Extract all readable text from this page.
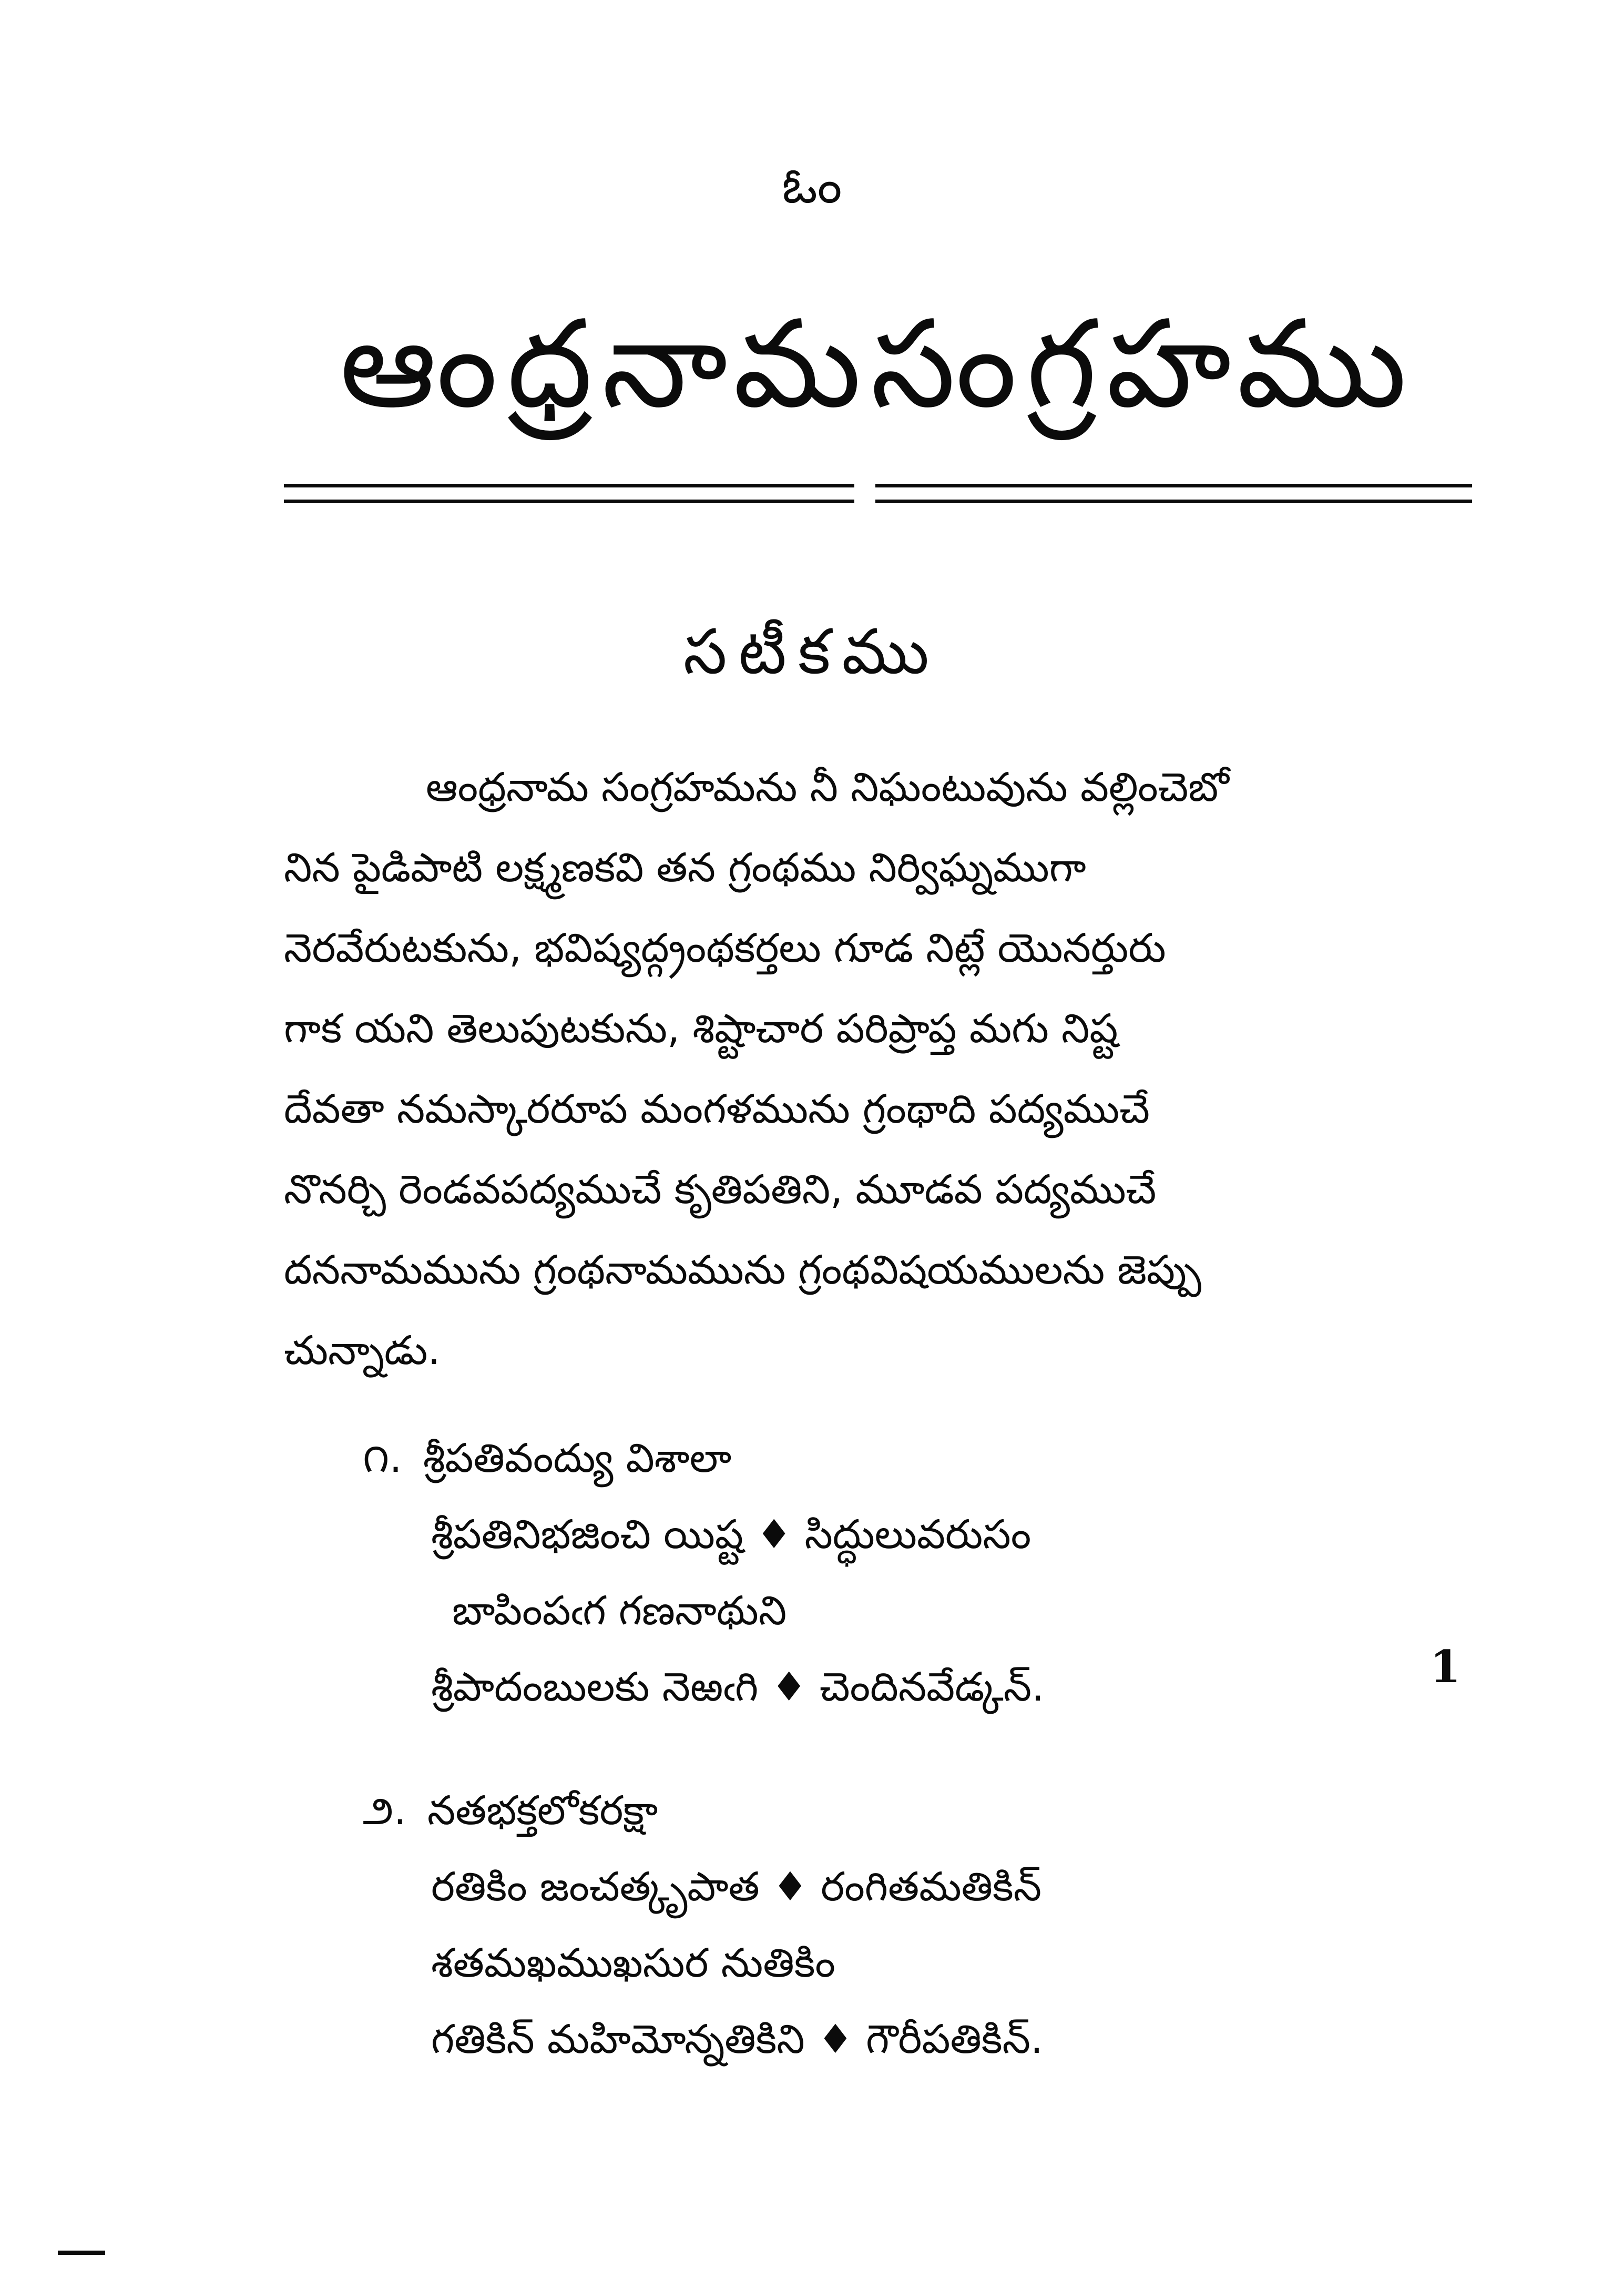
ఓం
ఆంధ్రనామసంగ్రహము
సటీకము
ఆంధ్రనామ సంగ్రహమను నీ నిఘంటువును వల్లించెబో
నిన పైడిపాటి లక్ష్మణకవి తన గ్రంథము నిర్విఘ్నముగా
నెరవేరుటకును, భవిష్యద్గ్రంథకర్తలు గూడ నిట్లే యొనర్తురు
గాక యని తెలుపుటకును, శిష్టాచార పరిప్రాప్త మగు నిష్ట
దేవతా నమస్కారరూప మంగళమును గ్రంథాది పద్యముచే
నొనర్చి రెండవపద్యముచే కృతిపతిని, మూడవ పద్యముచే
దననామమును గ్రంథనామమును గ్రంథవిషయములను జెప్పు
చున్నాడు.
౧. శ్రీపతివంద్యు విశాలా
శ్రీపతినిభజించి యిష్ట ♦ సిద్ధులువరుసం
బాపింపఁగ గణనాథుని
శ్రీపాదంబులకు నెఱఁగి ♦ చెందినవేడ్కన్.	1
౨. నతభక్తలోకరక్షా
రతికిం జంచత్కృపాత ♦ రంగితమతికిన్
శతమఖముఖసుర నుతికిం
గతికిన్ మహిమోన్నతికిని ♦ గౌరీపతికిన్.
